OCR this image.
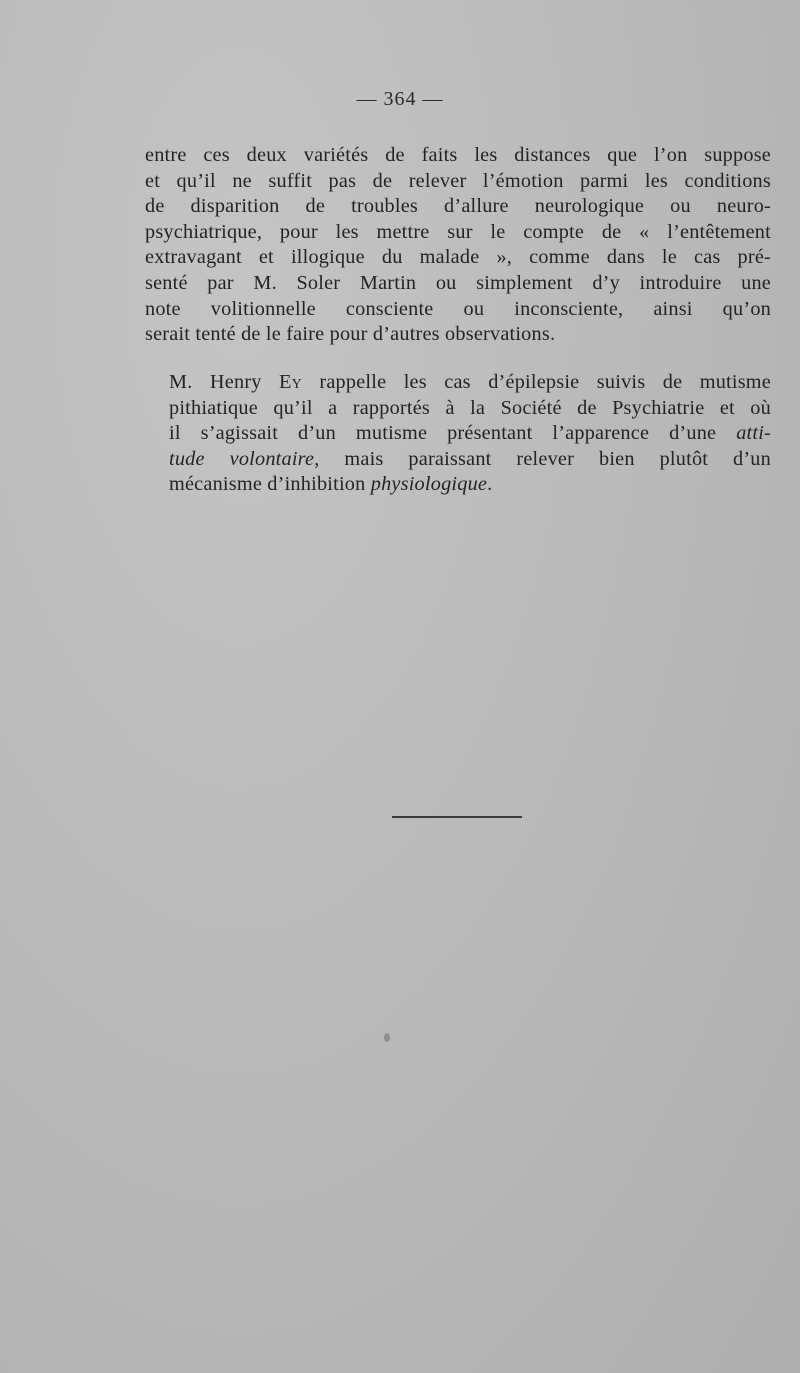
— 364 —
entre ces deux variétés de faits les distances que l’on suppose
et qu’il ne suffit pas de relever l’émotion parmi les conditions
de disparition de troubles d’allure neurologique ou neuro-
psychiatrique, pour les mettre sur le compte de « l’entêtement
extravagant et illogique du malade », comme dans le cas pré-
senté par M. Soler Martin ou simplement d’y introduire une
note volitionnelle consciente ou inconsciente, ainsi qu’on
serait tenté de le faire pour d’autres observations.
M. Henry Ey rappelle les cas d’épilepsie suivis de mutisme
pithiatique qu’il a rapportés à la Société de Psychiatrie et où
il s’agissait d’un mutisme présentant l’apparence d’une atti-
tude volontaire, mais paraissant relever bien plutôt d’un
mécanisme d’inhibition physiologique.
